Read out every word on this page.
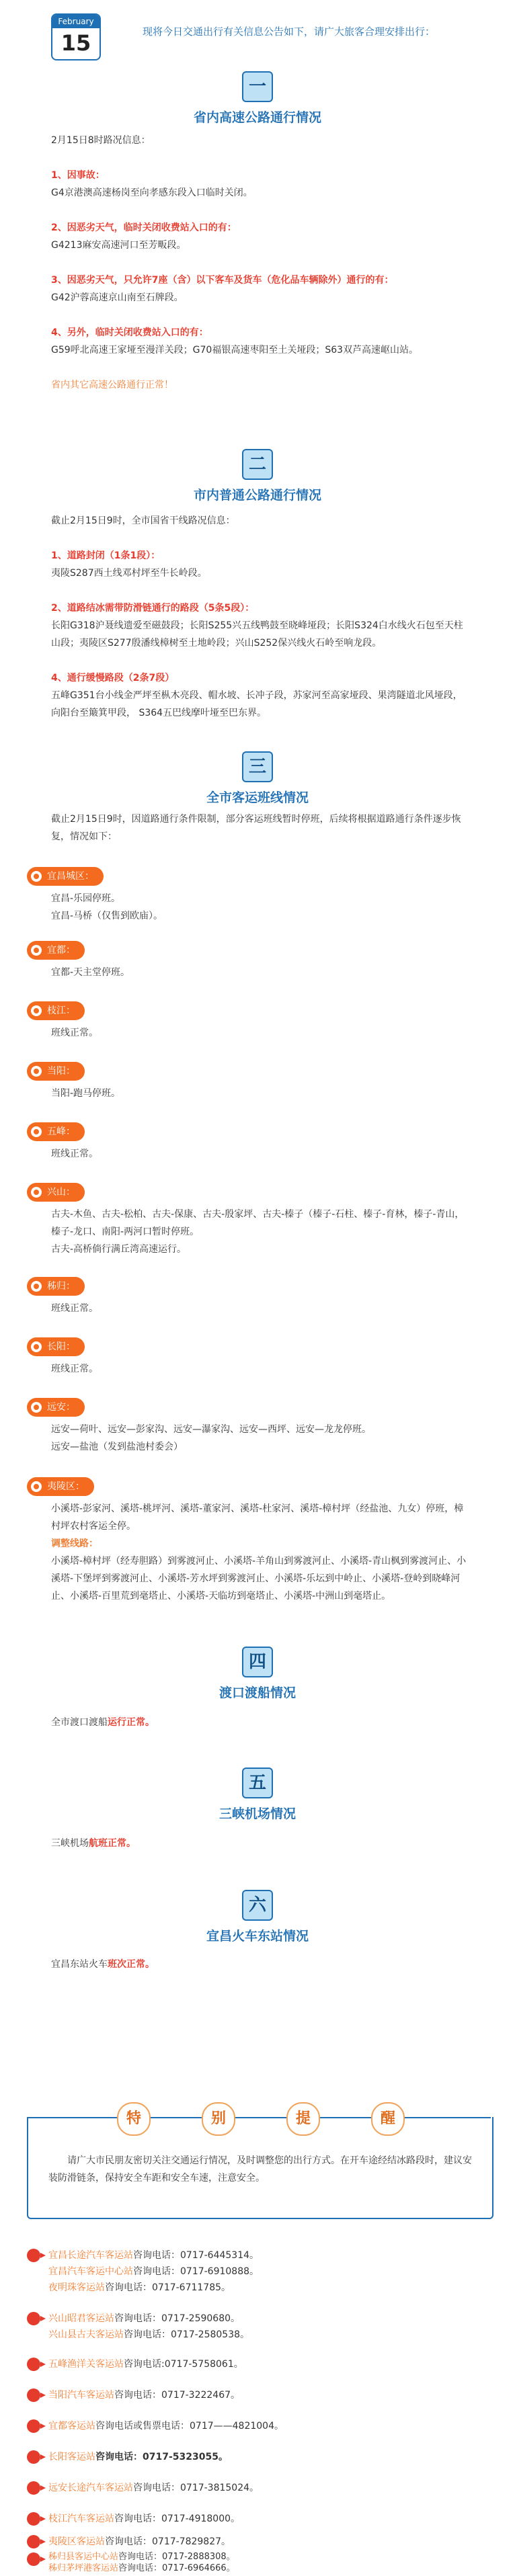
February
15	现将今日交通出行有关信息公告如下，请广大旅客合理安排出行：
一
省内高速公路通行情况
2月15日8时路况信息：
1、因事故：
G4京港澳高速杨岗至向孝感东段入口临时关闭。
2、因恶劣天气，临时关闭收费站入口的有：
G4213麻安高速河口至芳畈段。
3、因恶劣天气，只允许7座（含）以下客车及货车（危化品车辆除外）通行的有：
G42沪蓉高速京山南至石牌段。
4、另外，临时关闭收费站入口的有：
G59呼北高速王家垭至漫洋关段；G70福银高速枣阳至土关垭段；S63双芦高速岖山站。
省内其它高速公路通行正常！
二
市内普通公路通行情况
截止2月15日9时，全市国省干线路况信息：
1、道路封闭（1条1段）：
夷陵S287西土线邓村坪至牛长岭段。
2、道路结冰需带防滑链通行的路段（5条5段）：
长阳G318沪聂线遗爱至磁鼓段；长阳S255兴五线鸭鼓至晓峰垭段；长阳S324白水线火石包至天柱山段；夷陵区S277殷潘线樟树至土地岭段；兴山S252保兴线火石岭至响龙段。
4、通行缓慢路段（2条7段）
五峰G351台小线金严坪至枞木亮段、帽水坡、长冲子段，苏家河至高家垭段、果湾隧道北风垭段，向阳台至簸箕甲段， S364五巴线摩叶垭至巴东界。
三
全市客运班线情况
截止2月15日9时，因道路通行条件限制，部分客运班线暂时停班，后续将根据道路通行条件逐步恢复，情况如下：
宜昌城区：
宜昌-乐园停班。
宜昌-马桥（仅售到欧庙）。
宜都：
宜都-天主堂停班。
枝江：
班线正常。
当阳：
当阳-跑马停班。
五峰：
班线正常。
兴山：
古夫-木鱼、古夫-松柏、古夫-保康、古夫-殷家坪、古夫-榛子（榛子-石柱、榛子-育林，榛子-青山，榛子-龙口、南阳-两河口暂时停班。
古夫-高桥倘行满丘湾高速运行。
秭归：
班线正常。
长阳：
班线正常。
远安：
远安—荷叶、远安—彭家沟、远安—瀑家沟、远安—西坪、远安—龙龙停班。
远安—盐池（发到盐池村委会）
夷陵区：
小溪塔-彭家河、溪塔-桃坪河、溪塔-董家河、溪塔-杜家河、溪塔-樟村坪（经盐池、九女）停班，樟村坪农村客运全停。
调整线路：
小溪塔-樟村坪（经寿胆路）到雾渡河止、小溪塔-羊角山到雾渡河止、小溪塔-青山枫到雾渡河止、小溪塔-下堡坪到雾渡河止、小溪塔-芳水坪到雾渡河止、小溪塔-乐坛到中岭止、小溪塔-登岭到晓峰河止、小溪塔-百里荒到毫塔止、小溪塔-天临坊到毫塔止、小溪塔-中洲山到毫塔止。
四
渡口渡船情况
全市渡口渡船运行正常。
五
三峡机场情况
三峡机场航班正常。
六
宜昌火车东站情况
宜昌东站火车班次正常。
请广大市民朋友密切关注交通运行情况，及时调整您的出行方式。在开车途经结冰路段时，建议安装防滑链条，保持安全车距和安全车速，注意安全。
特	别	提	醒
宜昌长途汽车客运站咨询电话：0717-6445314。
宜昌汽车客运中心站咨询电话：0717-6910888。
夜明珠客运站咨询电话：0717-6711785。
兴山昭君客运站咨询电话：0717-2590680。
兴山县古夫客运站咨询电话：0717-2580538。
五峰渔洋关客运站咨询电话:0717-5758061。
当阳汽车客运站咨询电话：0717-3222467。
宜都客运站咨询电话或售票电话：0717——4821004。
长阳客运站咨询电话：0717-5323055。
远安长途汽车客运站咨询电话：0717-3815024。
枝江汽车客运站咨询电话：0717-4918000。
夷陵区客运站咨询电话：0717-7829827。
秭归县客运中心站咨询电话：0717-2888308。
秭归茅坪港客运站咨询电话：0717-6964666。
